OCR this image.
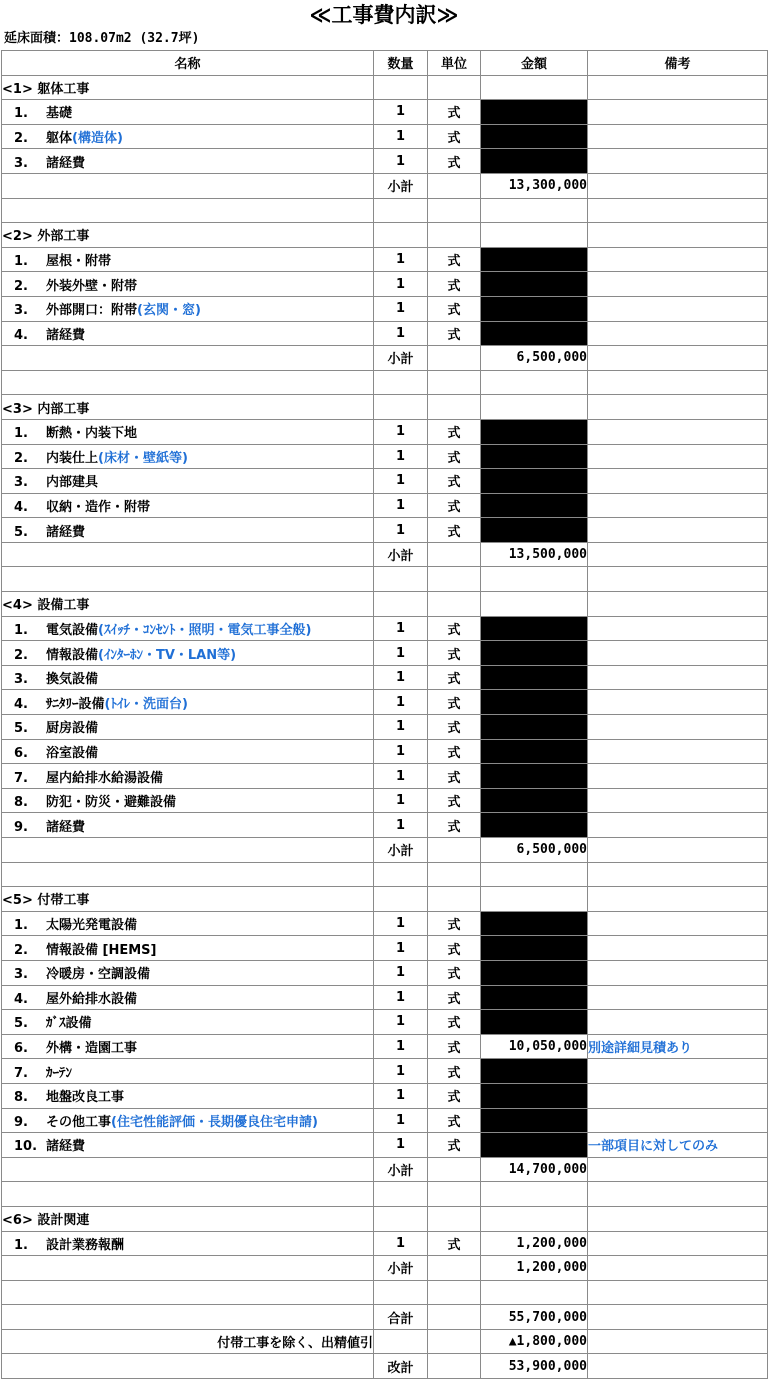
≪工事費内訳≫
延床面積：108.07m2 (32.7坪)
名称	数量	単位	金額	備考
<1> 躯体工事				
1. 基礎	1	式		
2. 躯体(構造体)	1	式		
3. 諸経費	1	式		
	小計		13,300,000	

<2> 外部工事				
1. 屋根・附帯	1	式		
2. 外装外壁・附帯	1	式		
3. 外部開口：附帯(玄関・窓)	1	式		
4. 諸経費	1	式		
	小計		6,500,000	

<3> 内部工事				
1. 断熱・内装下地	1	式		
2. 内装仕上(床材・壁紙等)	1	式		
3. 内部建具	1	式		
4. 収納・造作・附帯	1	式		
5. 諸経費	1	式		
	小計		13,500,000	

<4> 設備工事				
1. 電気設備(ｽｲｯﾁ・ｺﾝｾﾝﾄ・照明・電気工事全般)	1	式		
2. 情報設備(ｲﾝﾀｰﾎﾝ・TV・LAN等)	1	式		
3. 換気設備	1	式		
4. ｻﾆﾀﾘｰ設備(ﾄｲﾚ・洗面台)	1	式		
5. 厨房設備	1	式		
6. 浴室設備	1	式		
7. 屋内給排水給湯設備	1	式		
8. 防犯・防災・避難設備	1	式		
9. 諸経費	1	式		
	小計		6,500,000	

<5> 付帯工事				
1. 太陽光発電設備	1	式		
2. 情報設備 [HEMS]	1	式		
3. 冷暖房・空調設備	1	式		
4. 屋外給排水設備	1	式		
5. ｶﾞｽ設備	1	式		
6. 外構・造園工事	1	式	10,050,000	別途詳細見積あり
7. ｶｰﾃﾝ	1	式		
8. 地盤改良工事	1	式		
9. その他工事(住宅性能評価・長期優良住宅申請)	1	式		
10. 諸経費	1	式		一部項目に対してのみ
	小計		14,700,000	

<6> 設計関連				
1. 設計業務報酬	1	式	1,200,000	
	小計		1,200,000	

	合計		55,700,000	
付帯工事を除く、出精値引			▲1,800,000	
	改計		53,900,000	
